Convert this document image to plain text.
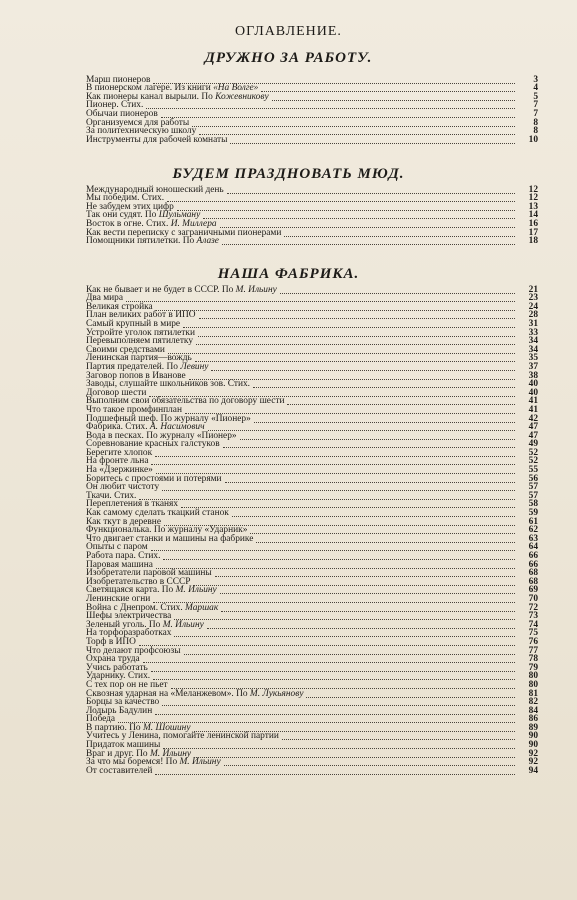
ОГЛАВЛЕНИЕ.
ДРУЖНО ЗА РАБОТУ.
Марш пионеров	3
В пионерском лагере. Из книги «На Волге»	4
Как пионеры канал вырыли. По Кожевникову	5
Пионер. Стих.	7
Обычаи пионеров	7
Организуемся для работы	8
За политехническую школу	8
Инструменты для рабочей комнаты	10
БУДЕМ ПРАЗДНОВАТЬ МЮД.
Международный юношеский день	12
Мы победим. Стих.	12
Не забудем этих цифр	13
Так они судят. По Шульману	14
Восток в огне. Стих. И. Миллера	16
Как вести переписку с заграничными пионерами	17
Помощники пятилетки. По Алазе	18
НАША ФАБРИКА.
Как не бывает и не будет в СССР. По М. Ильину	21
Два мира	23
Великая стройка	24
План великих работ в ИПО	28
Самый крупный в мире	31
Устройте уголок пятилетки	33
Перевыполняем пятилетку	34
Своими средствами	34
Ленинская партия—вождь	35
Партия предателей. По Левину	37
Заговор попов в Иванове	38
Заводы, слушайте школьников зов. Стих.	40
Договор шести	40
Выполним свои обязательства по договору шести	41
Что такое промфинплан	41
Подшефный шеф. По журналу «Пионер»	42
Фабрика. Стих. А. Насимович	47
Вода в песках. По журналу «Пионер»	47
Соревнование красных галстуков	49
Берегите хлопок	52
На фронте льна	52
На «Дзержинке»	55
Боритесь с простоями и потерями	56
Он любит чистоту	57
Ткачи. Стих.	57
Переплетения в тканях	58
Как самому сделать ткацкий станок	59
Как ткут в деревне	61
Функциональка. По журналу «Ударник»	62
Что двигает станки и машины на фабрике	63
Опыты с паром	64
Работа пара. Стих.	66
Паровая машина	66
Изобретатели паровой машины	68
Изобретательство в СССР	68
Светящаяся карта. По М. Ильину	69
Ленинские огни	70
Война с Днепром. Стих. Маршак	72
Шефы электричества	73
Зеленый уголь. По М. Ильину	74
На торфоразработках	75
Торф в ИПО	76
Что делают профсоюзы	77
Охрана труда	78
Учись работать	79
Ударнику. Стих.	80
С тех пор он не пьет	80
Сквозная ударная на «Меланжевом». По М. Лукьянову	81
Борцы за качество	82
Лодырь Бадулин	84
Победа	86
В партию. По М. Шошину	89
Учитесь у Ленина, помогайте ленинской партии	90
Придаток машины	90
Враг и друг. По М. Ильину	92
За что мы боремся! По М. Ильину	92
От составителей	94
